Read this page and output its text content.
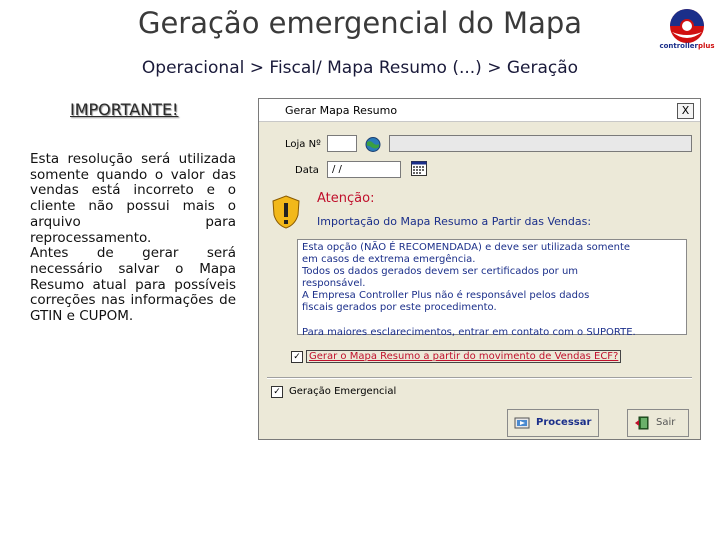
Geração emergencial do Mapa
Operacional > Fiscal/ Mapa Resumo (...) > Geração
controllerplus
IMPORTANTE!

Esta resolução será utilizada somente quando o valor das vendas está incorreto e o cliente não possui mais o arquivo para reprocessamento.

Antes de gerar será necessário salvar o Mapa Resumo atual para possíveis correções nas informações de GTIN e CUPOM.

Gerar Mapa Resumo	X
Loja Nº
Data	/ /
Atenção:
Importação do Mapa Resumo a Partir das Vendas:

Esta opção (NÃO É RECOMENDADA) e deve ser utilizada somente

em casos de extrema emergência.

Todos os dados gerados devem ser certificados por um

responsável.

A Empresa Controller Plus não é responsável pelos dados

fiscais gerados por este procedimento.

Para maiores esclarecimentos, entrar em contato com o SUPORTE.

✓ Gerar o Mapa Resumo a partir do movimento de Vendas ECF?
✓ Geração Emergencial
Processar	Sair
